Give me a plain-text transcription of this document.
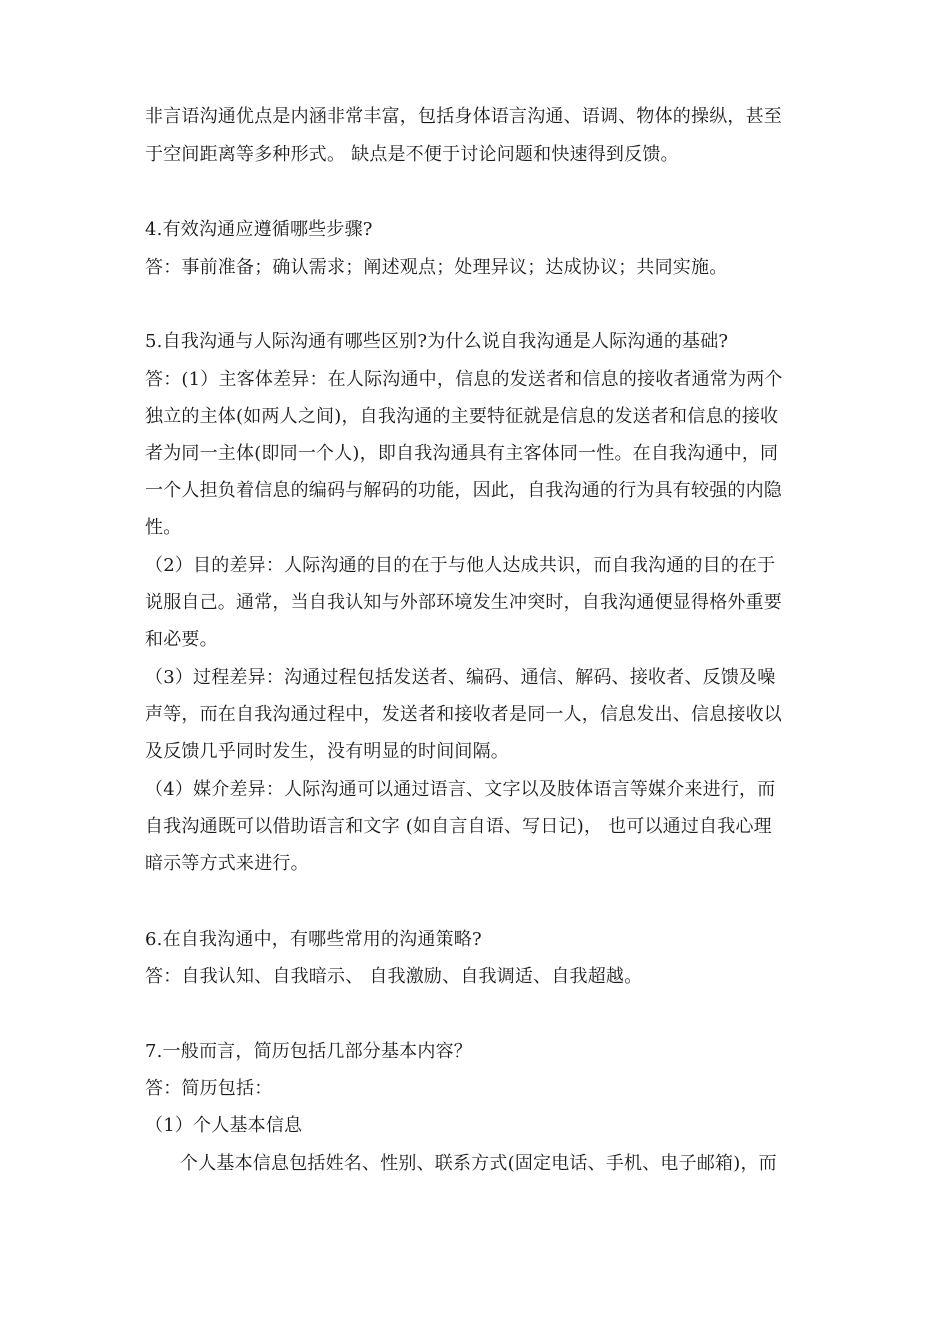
非言语沟通优点是内涵非常丰富，包括身体语言沟通、语调、物体的操纵，甚至
于空间距离等多种形式。 缺点是不便于讨论问题和快速得到反馈。
4.有效沟通应遵循哪些步骤?
答：事前准备；确认需求；阐述观点；处理异议；达成协议；共同实施。
5.自我沟通与人际沟通有哪些区别?为什么说自我沟通是人际沟通的基础?
答：(1）主客体差异：在人际沟通中，信息的发送者和信息的接收者通常为两个
独立的主体(如两人之间)，自我沟通的主要特征就是信息的发送者和信息的接收
者为同一主体(即同一个人)，即自我沟通具有主客体同一性。在自我沟通中，同
一个人担负着信息的编码与解码的功能，因此，自我沟通的行为具有较强的内隐
性。
（2）目的差异：人际沟通的目的在于与他人达成共识，而自我沟通的目的在于
说服自己。通常，当自我认知与外部环境发生冲突时，自我沟通便显得格外重要
和必要。
（3）过程差异：沟通过程包括发送者、编码、通信、解码、接收者、反馈及噪
声等，而在自我沟通过程中，发送者和接收者是同一人，信息发出、信息接收以
及反馈几乎同时发生，没有明显的时间间隔。
（4）媒介差异：人际沟通可以通过语言、文字以及肢体语言等媒介来进行，而
自我沟通既可以借助语言和文字 (如自言自语、写日记)， 也可以通过自我心理
暗示等方式来进行。
6.在自我沟通中，有哪些常用的沟通策略?
答：自我认知、自我暗示、 自我激励、自我调适、自我超越。
7.一般而言，简历包括几部分基本内容？
答：简历包括：
（1）个人基本信息
个人基本信息包括姓名、性别、联系方式(固定电话、手机、电子邮箱)，而
